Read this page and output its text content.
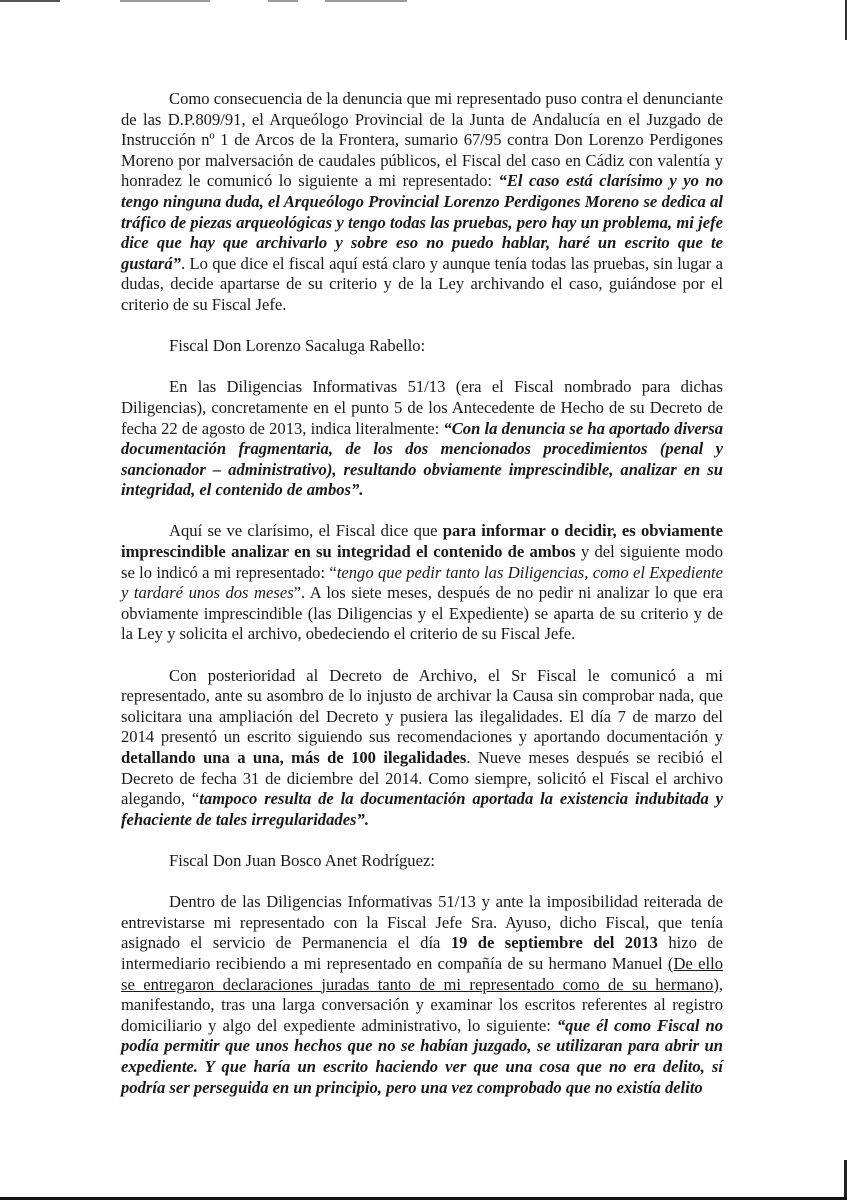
Como consecuencia de la denuncia que mi representado puso contra el denunciante de las D.P.809/91, el Arqueólogo Provincial de la Junta de Andalucía en el Juzgado de Instrucción nº 1 de Arcos de la Frontera, sumario 67/95 contra Don Lorenzo Perdigones Moreno por malversación de caudales públicos, el Fiscal del caso en Cádiz con valentía y honradez le comunicó lo siguiente a mi representado: “El caso está clarísimo y yo no tengo ninguna duda, el Arqueólogo Provincial Lorenzo Perdigones Moreno se dedica al tráfico de piezas arqueológicas y tengo todas las pruebas, pero hay un problema, mi jefe dice que hay que archivarlo y sobre eso no puedo hablar, haré un escrito que te gustará”. Lo que dice el fiscal aquí está claro y aunque tenía todas las pruebas, sin lugar a dudas, decide apartarse de su criterio y de la Ley archivando el caso, guiándose por el criterio de su Fiscal Jefe.

Fiscal Don Lorenzo Sacaluga Rabello:

En las Diligencias Informativas 51/13 (era el Fiscal nombrado para dichas Diligencias), concretamente en el punto 5 de los Antecedente de Hecho de su Decreto de fecha 22 de agosto de 2013, indica literalmente: “Con la denuncia se ha aportado diversa documentación fragmentaria, de los dos mencionados procedimientos (penal y sancionador – administrativo), resultando obviamente imprescindible, analizar en su integridad, el contenido de ambos”.

Aquí se ve clarísimo, el Fiscal dice que para informar o decidir, es obviamente imprescindible analizar en su integridad el contenido de ambos y del siguiente modo se lo indicó a mi representado: “tengo que pedir tanto las Diligencias, como el Expediente y tardaré unos dos meses”. A los siete meses, después de no pedir ni analizar lo que era obviamente imprescindible (las Diligencias y el Expediente) se aparta de su criterio y de la Ley y solicita el archivo, obedeciendo el criterio de su Fiscal Jefe.

Con posterioridad al Decreto de Archivo, el Sr Fiscal le comunicó a mi representado, ante su asombro de lo injusto de archivar la Causa sin comprobar nada, que solicitara una ampliación del Decreto y pusiera las ilegalidades. El día 7 de marzo del 2014 presentó un escrito siguiendo sus recomendaciones y aportando documentación y detallando una a una, más de 100 ilegalidades. Nueve meses después se recibió el Decreto de fecha 31 de diciembre del 2014. Como siempre, solicitó el Fiscal el archivo alegando, “tampoco resulta de la documentación aportada la existencia indubitada y fehaciente de tales irregularidades”.

Fiscal Don Juan Bosco Anet Rodríguez:

Dentro de las Diligencias Informativas 51/13 y ante la imposibilidad reiterada de entrevistarse mi representado con la Fiscal Jefe Sra. Ayuso, dicho Fiscal, que tenía asignado el servicio de Permanencia el día 19 de septiembre del 2013 hizo de intermediario recibiendo a mi representado en compañía de su hermano Manuel (De ello se entregaron declaraciones juradas tanto de mi representado como de su hermano), manifestando, tras una larga conversación y examinar los escritos referentes al registro domiciliario y algo del expediente administrativo, lo siguiente: “que él como Fiscal no podía permitir que unos hechos que no se habían juzgado, se utilizaran para abrir un expediente. Y que haría un escrito haciendo ver que una cosa que no era delito, sí podría ser perseguida en un principio, pero una vez comprobado que no existía delito
